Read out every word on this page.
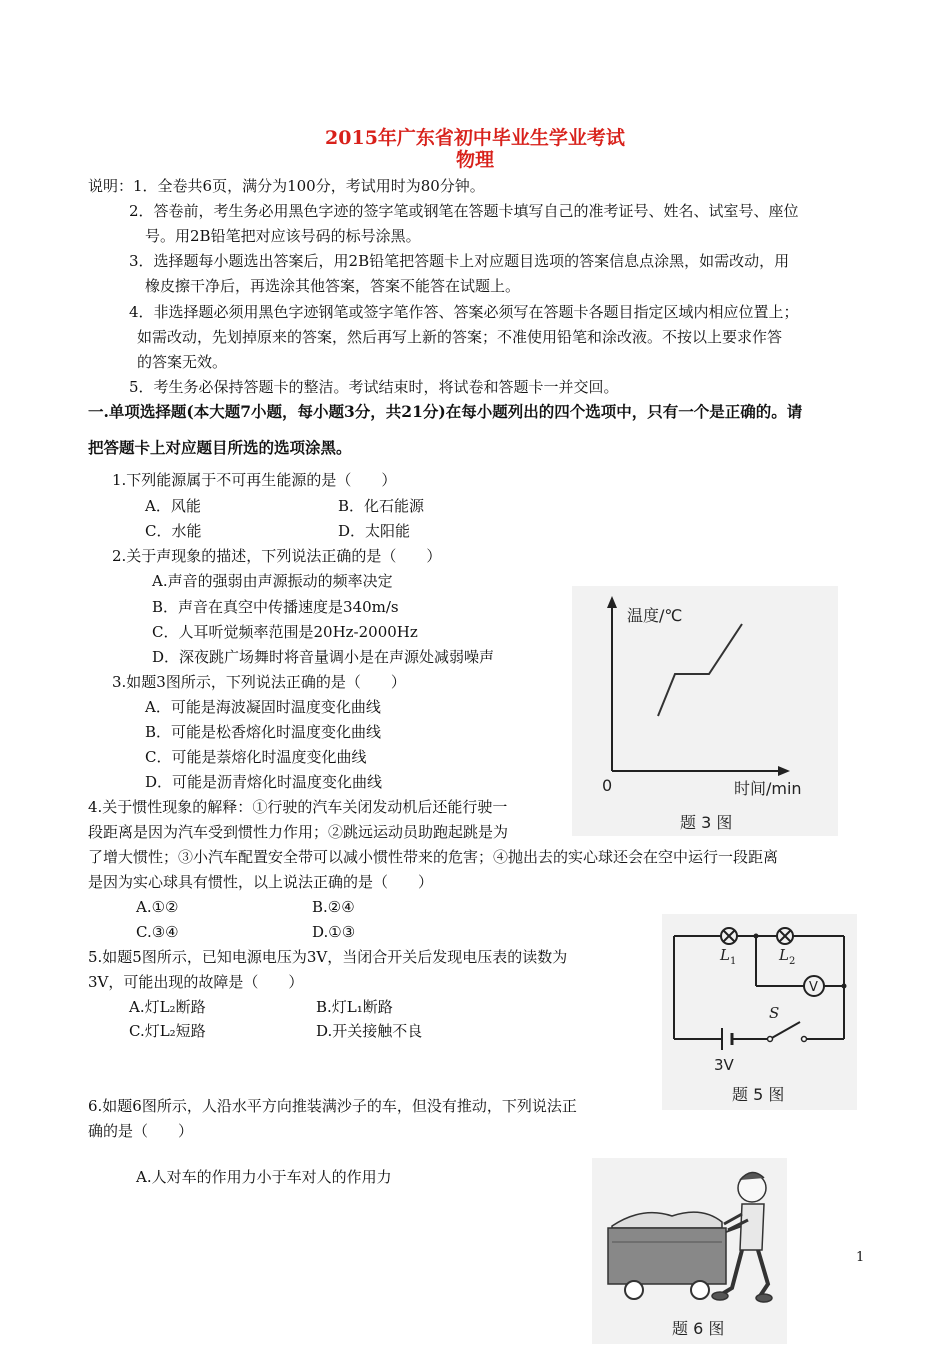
2015年广东省初中毕业生学业考试
物理
说明：1．全卷共6页，满分为100分，考试用时为80分钟。
2．答卷前，考生务必用黑色字迹的签字笔或钢笔在答题卡填写自己的准考证号、姓名、试室号、座位
号。用2B铅笔把对应该号码的标号涂黑。
3．选择题每小题选出答案后，用2B铅笔把答题卡上对应题目选项的答案信息点涂黑，如需改动，用
橡皮擦干净后，再选涂其他答案，答案不能答在试题上。
4．非选择题必须用黑色字迹钢笔或签字笔作答、答案必须写在答题卡各题目指定区域内相应位置上；
如需改动，先划掉原来的答案，然后再写上新的答案；不准使用铅笔和涂改液。不按以上要求作答
的答案无效。
5．考生务必保持答题卡的整洁。考试结束时，将试卷和答题卡一并交回。
一.单项选择题(本大题7小题，每小题3分，共21分)在每小题列出的四个选项中，只有一个是正确的。请
把答题卡上对应题目所选的选项涂黑。
1.下列能源属于不可再生能源的是（　　）
A．风能	B．化石能源
C．水能	D．太阳能
2.关于声现象的描述，下列说法正确的是（　　）
A.声音的强弱由声源振动的频率决定
B．声音在真空中传播速度是340m/s
C．人耳听觉频率范围是20Hz-2000Hz
D．深夜跳广场舞时将音量调小是在声源处减弱噪声
3.如题3图所示，下列说法正确的是（　　）
A．可能是海波凝固时温度变化曲线
B．可能是松香熔化时温度变化曲线
C．可能是萘熔化时温度变化曲线
D．可能是沥青熔化时温度变化曲线
温度/℃
时间/min
0
题 3 图
4.关于惯性现象的解释：①行驶的汽车关闭发动机后还能行驶一
段距离是因为汽车受到惯性力作用；②跳远运动员助跑起跳是为
了增大惯性；③小汽车配置安全带可以减小惯性带来的危害；④抛出去的实心球还会在空中运行一段距离
是因为实心球具有惯性，以上说法正确的是（　　）
A.①②	B.②④
C.③④	D.①③
5.如题5图所示，已知电源电压为3V，当闭合开关后发现电压表的读数为
3V，可能出现的故障是（　　）
A.灯L₂断路	B.灯L₁断路
C.灯L₂短路	D.开关接触不良
$L_1$	$L_2$
V
S
3V
题 5 图
6.如题6图所示，人沿水平方向推装满沙子的车，但没有推动，下列说法正
确的是（　　）
A.人对车的作用力小于车对人的作用力
题 6 图
1
